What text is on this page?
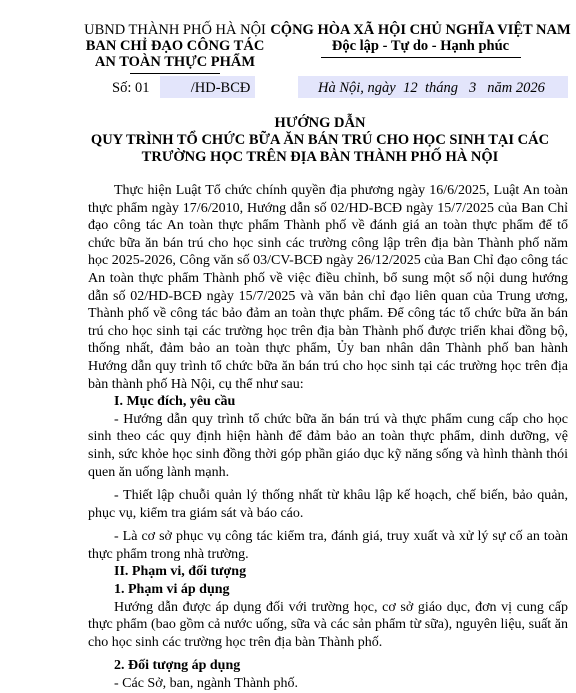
UBND THÀNH PHỐ HÀ NỘI
BAN CHỈ ĐẠO CÔNG TÁC
AN TOÀN THỰC PHẨM
CỘNG HÒA XÃ HỘI CHỦ NGHĨA VIỆT NAM
Độc lập - Tự do - Hạnh phúc
Số: 01	/HD-BCĐ	Hà Nội, ngày 12 tháng 3 năm 2026
HƯỚNG DẪN
QUY TRÌNH TỔ CHỨC BỮA ĂN BÁN TRÚ CHO HỌC SINH TẠI CÁC
TRƯỜNG HỌC TRÊN ĐỊA BÀN THÀNH PHỐ HÀ NỘI

Thực hiện Luật Tổ chức chính quyền địa phương ngày 16/6/2025, Luật An toàn thực phẩm ngày 17/6/2010, Hướng dẫn số 02/HD-BCĐ ngày 15/7/2025 của Ban Chỉ đạo công tác An toàn thực phẩm Thành phố về đánh giá an toàn thực phẩm để tổ chức bữa ăn bán trú cho học sinh các trường công lập trên địa bàn Thành phố năm học 2025-2026, Công văn số 03/CV-BCĐ ngày 26/12/2025 của Ban Chỉ đạo công tác An toàn thực phẩm Thành phố về việc điều chỉnh, bổ sung một số nội dung hướng dẫn số 02/HD-BCĐ ngày 15/7/2025 và văn bản chỉ đạo liên quan của Trung ương, Thành phố về công tác bảo đảm an toàn thực phẩm. Để công tác tổ chức bữa ăn bán trú cho học sinh tại các trường học trên địa bàn Thành phố được triển khai đồng bộ, thống nhất, đảm bảo an toàn thực phẩm, Ủy ban nhân dân Thành phố ban hành Hướng dẫn quy trình tổ chức bữa ăn bán trú cho học sinh tại các trường học trên địa bàn thành phố Hà Nội, cụ thể như sau:

I. Mục đích, yêu cầu

- Hướng dẫn quy trình tổ chức bữa ăn bán trú và thực phẩm cung cấp cho học sinh theo các quy định hiện hành để đảm bảo an toàn thực phẩm, dinh dưỡng, vệ sinh, sức khỏe học sinh đồng thời góp phần giáo dục kỹ năng sống và hình thành thói quen ăn uống lành mạnh.

- Thiết lập chuỗi quản lý thống nhất từ khâu lập kế hoạch, chế biến, bảo quản, phục vụ, kiểm tra giám sát và báo cáo.

- Là cơ sở phục vụ công tác kiểm tra, đánh giá, truy xuất và xử lý sự cố an toàn thực phẩm trong nhà trường.

II. Phạm vi, đối tượng

1. Phạm vi áp dụng

Hướng dẫn được áp dụng đối với trường học, cơ sở giáo dục, đơn vị cung cấp thực phẩm (bao gồm cả nước uống, sữa và các sản phẩm từ sữa), nguyên liệu, suất ăn cho học sinh các trường học trên địa bàn Thành phố.

2. Đối tượng áp dụng

- Các Sở, ban, ngành Thành phố.
